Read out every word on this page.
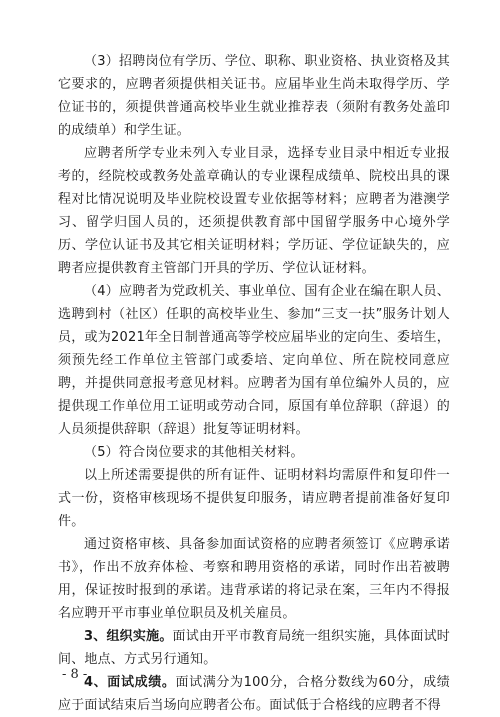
（3）招聘岗位有学历、学位、职称、职业资格、执业资格及其它要求的，应聘者须提供相关证书。应届毕业生尚未取得学历、学位证书的，须提供普通高校毕业生就业推荐表（须附有教务处盖印的成绩单）和学生证。

应聘者所学专业未列入专业目录，选择专业目录中相近专业报考的，经院校或教务处盖章确认的专业课程成绩单、院校出具的课程对比情况说明及毕业院校设置专业依据等材料；应聘者为港澳学习、留学归国人员的，还须提供教育部中国留学服务中心境外学历、学位认证书及其它相关证明材料；学历证、学位证缺失的，应聘者应提供教育主管部门开具的学历、学位认证材料。

（4）应聘者为党政机关、事业单位、国有企业在编在职人员、选聘到村（社区）任职的高校毕业生、参加“三支一扶”服务计划人员，或为2021年全日制普通高等学校应届毕业的定向生、委培生，须预先经工作单位主管部门或委培、定向单位、所在院校同意应聘，并提供同意报考意见材料。应聘者为国有单位编外人员的，应提供现工作单位用工证明或劳动合同，原国有单位辞职（辞退）的人员须提供辞职（辞退）批复等证明材料。

（5）符合岗位要求的其他相关材料。

以上所述需要提供的所有证件、证明材料均需原件和复印件一式一份，资格审核现场不提供复印服务，请应聘者提前准备好复印件。

通过资格审核、具备参加面试资格的应聘者须签订《应聘承诺书》，作出不放弃体检、考察和聘用资格的承诺，同时作出若被聘用，保证按时报到的承诺。违背承诺的将记录在案，三年内不得报名应聘开平市事业单位职员及机关雇员。

3、组织实施。面试由开平市教育局统一组织实施，具体面试时间、地点、方式另行通知。

4、面试成绩。面试满分为100分，合格分数线为60分，成绩应于面试结束后当场向应聘者公布。面试低于合格线的应聘者不得

- 8 -
